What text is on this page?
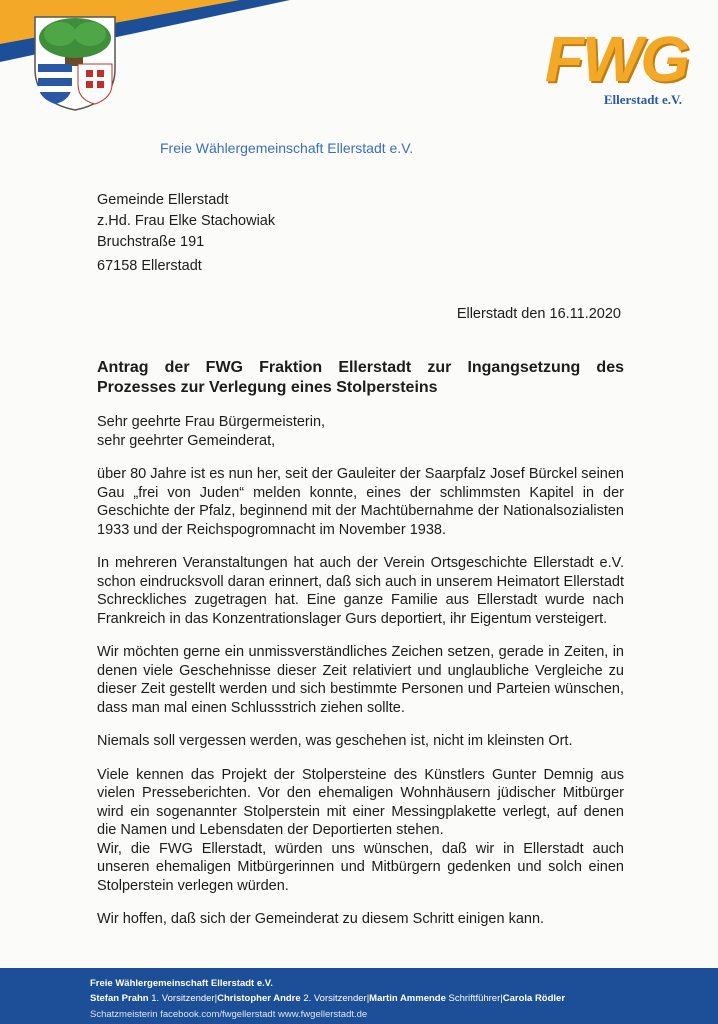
FWG
Ellerstadt e.V.
Freie Wählergemeinschaft Ellerstadt e.V.
Gemeinde Ellerstadt
z.Hd. Frau Elke Stachowiak
Bruchstraße 191
67158 Ellerstadt
Ellerstadt den 16.11.2020
Antrag der FWG Fraktion Ellerstadt zur Ingangsetzung des Prozesses zur Verlegung eines Stolpersteins

Sehr geehrte Frau Bürgermeisterin,
sehr geehrter Gemeinderat,

über 80 Jahre ist es nun her, seit der Gauleiter der Saarpfalz Josef Bürckel seinen Gau „frei von Juden“ melden konnte, eines der schlimmsten Kapitel in der Geschichte der Pfalz, beginnend mit der Machtübernahme der Nationalsozialisten 1933 und der Reichspogromnacht im November 1938.

In mehreren Veranstaltungen hat auch der Verein Ortsgeschichte Ellerstadt e.V. schon eindrucksvoll daran erinnert, daß sich auch in unserem Heimatort Ellerstadt Schreckliches zugetragen hat. Eine ganze Familie aus Ellerstadt wurde nach Frankreich in das Konzentrationslager Gurs deportiert, ihr Eigentum versteigert.

Wir möchten gerne ein unmissverständliches Zeichen setzen, gerade in Zeiten, in denen viele Geschehnisse dieser Zeit relativiert und unglaubliche Vergleiche zu dieser Zeit gestellt werden und sich bestimmte Personen und Parteien wünschen, dass man mal einen Schlussstrich ziehen sollte.

Niemals soll vergessen werden, was geschehen ist, nicht im kleinsten Ort.

Viele kennen das Projekt der Stolpersteine des Künstlers Gunter Demnig aus vielen Presseberichten. Vor den ehemaligen Wohnhäusern jüdischer Mitbürger wird ein sogenannter Stolperstein mit einer Messingplakette verlegt, auf denen die Namen und Lebensdaten der Deportierten stehen.

Wir, die FWG Ellerstadt, würden uns wünschen, daß wir in Ellerstadt auch unseren ehemaligen Mitbürgerinnen und Mitbürgern gedenken und solch einen Stolperstein verlegen würden.

Wir hoffen, daß sich der Gemeinderat zu diesem Schritt einigen kann.

Freie Wählergemeinschaft Ellerstadt e.V.
Stefan Prahn 1. Vorsitzender|Christopher Andre 2. Vorsitzender|Martin Ammende Schriftführer|Carola Rödler
Schatzmeisterin facebook.com/fwgellerstadt www.fwgellerstadt.de
